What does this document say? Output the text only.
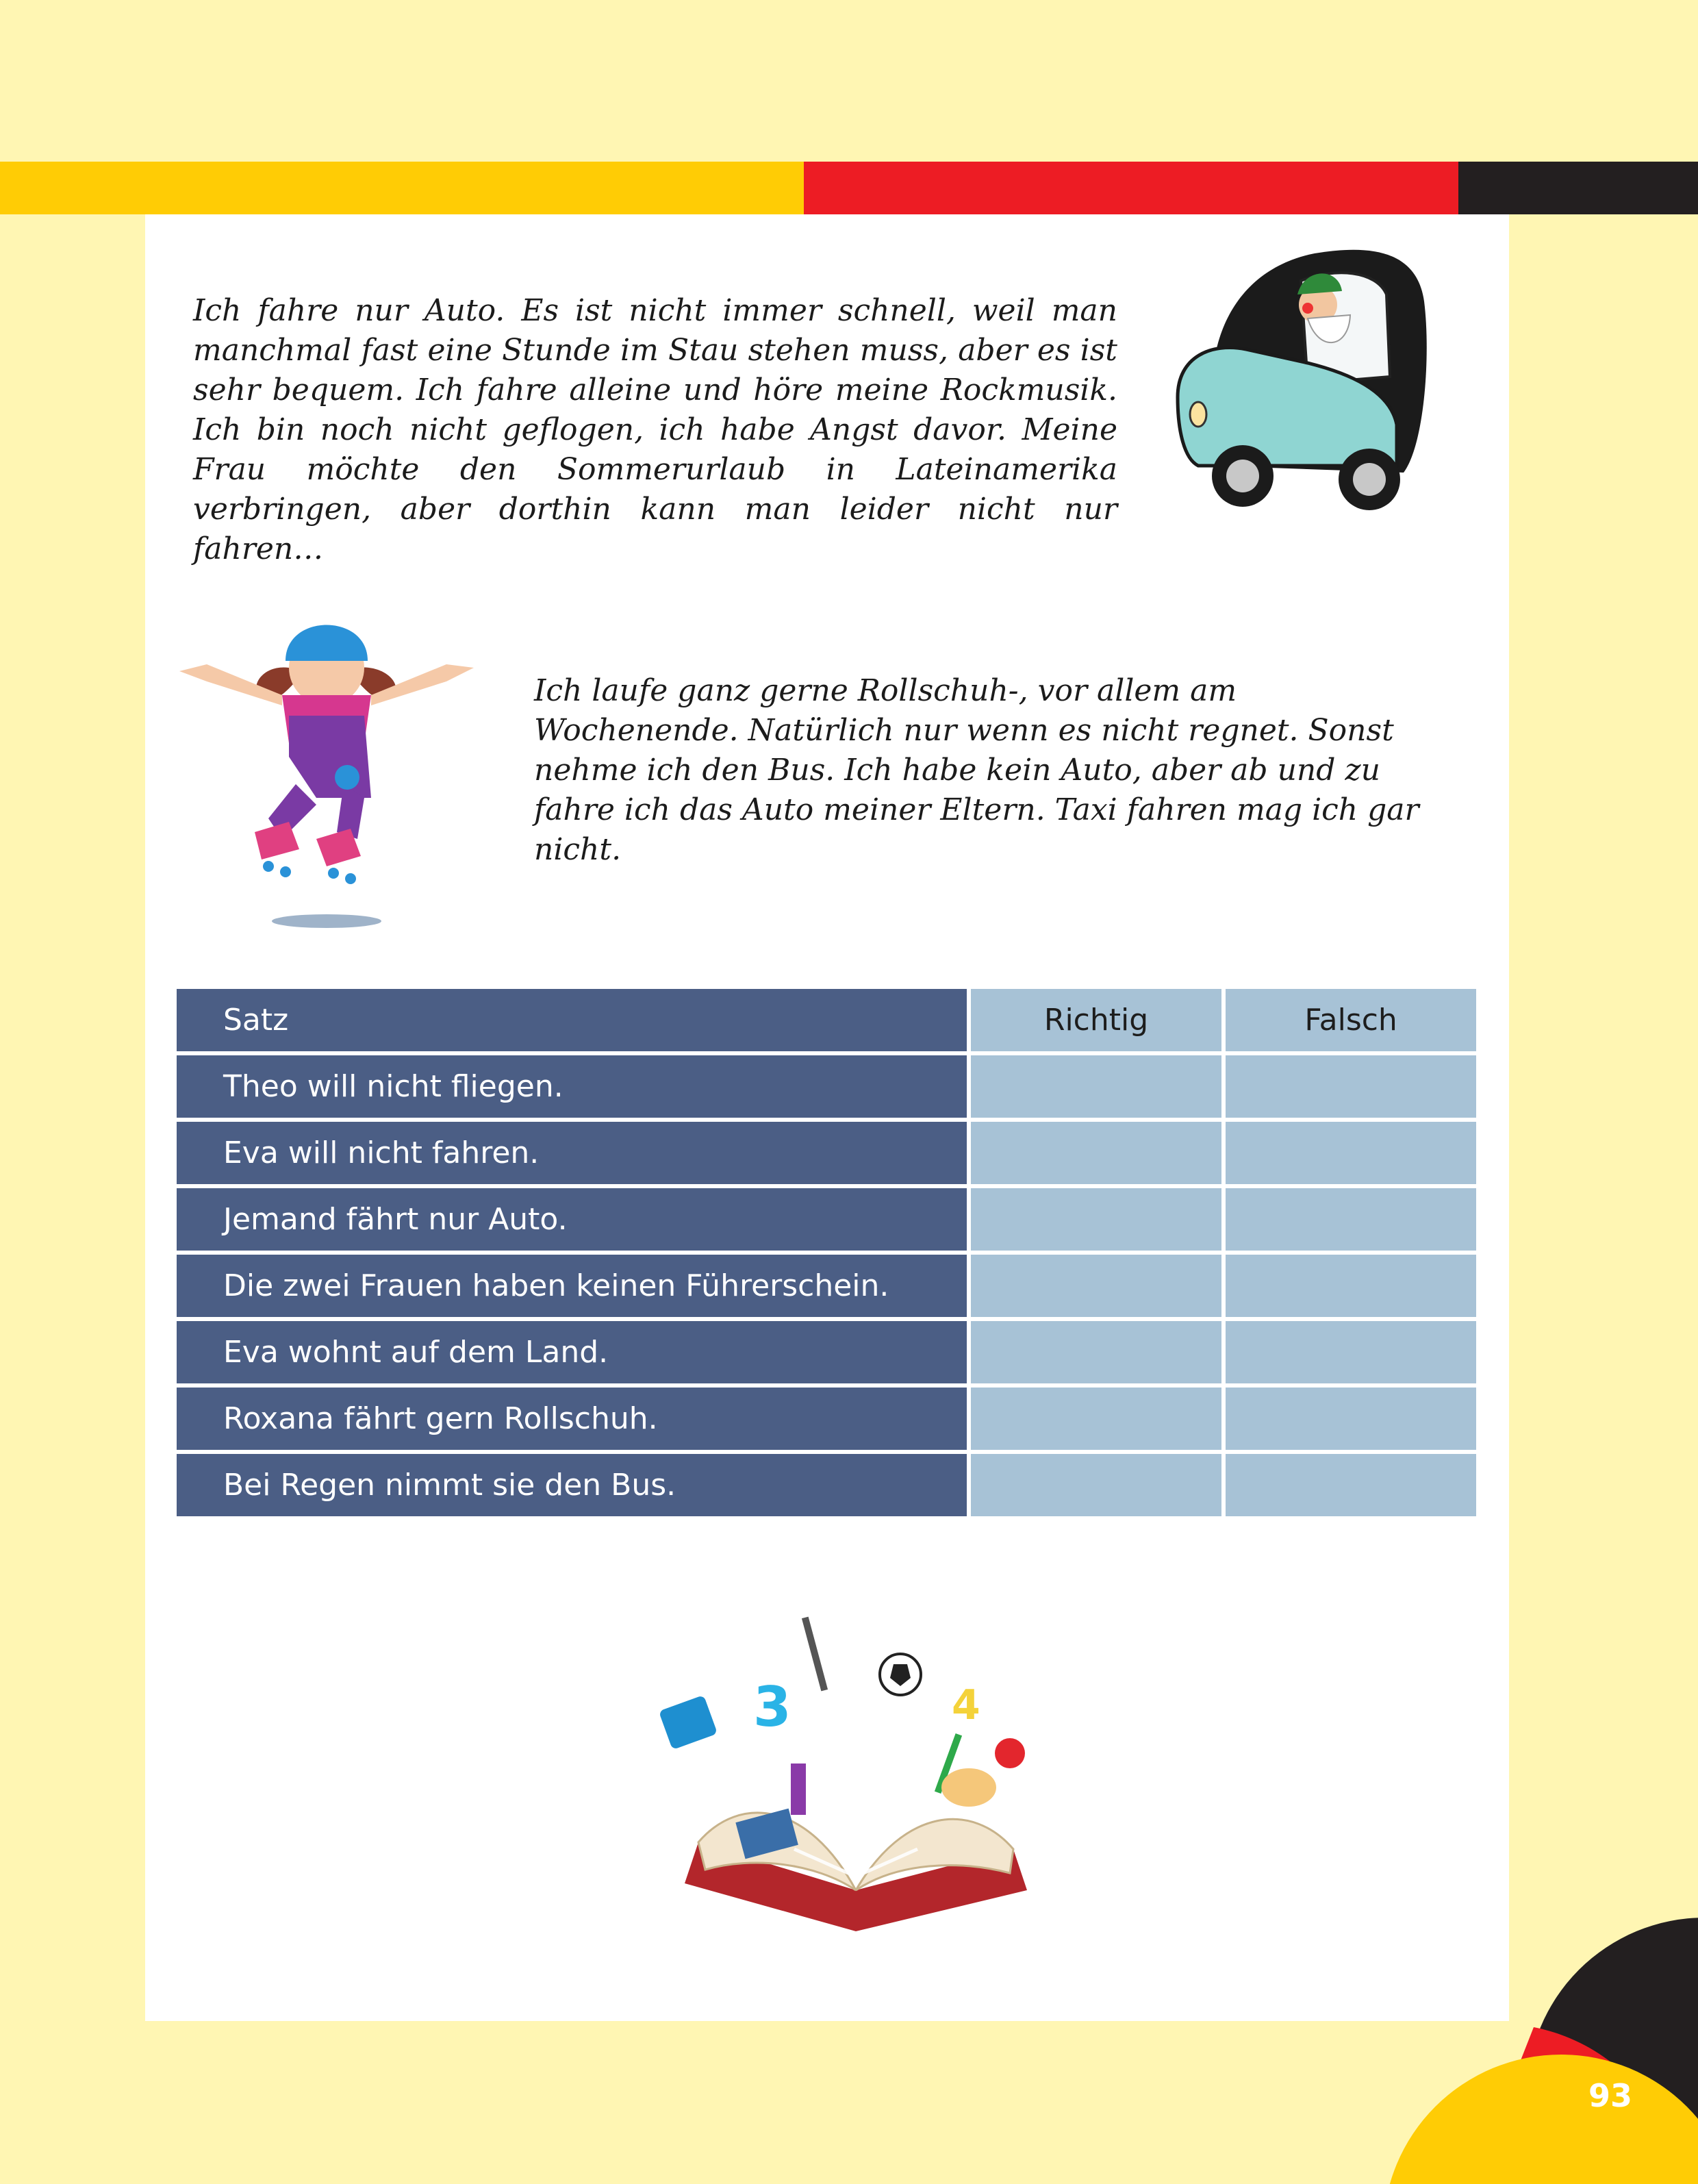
Ich fahre nur Auto. Es ist nicht immer schnell, weil man manchmal fast eine Stunde im Stau stehen muss, aber es ist sehr bequem. Ich fahre alleine und höre meine Rockmusik. Ich bin noch nicht geflogen, ich habe Angst davor. Meine Frau möchte den Sommerurlaub in Lateinamerika verbringen, aber dorthin kann man leider nicht nur fahren…

Ich laufe ganz gerne Rollschuh-, vor allem am Wochenende. Natürlich nur wenn es nicht regnet. Sonst nehme ich den Bus. Ich habe kein Auto, aber ab und zu fahre ich das Auto meiner Eltern. Taxi fahren mag ich gar nicht.

Satz	Richtig	Falsch
Theo will nicht fliegen.		
Eva will nicht fahren.		
Jemand fährt nur Auto.		
Die zwei Frauen haben keinen Führerschein.		
Eva wohnt auf dem Land.		
Roxana fährt gern Rollschuh.		
Bei Regen nimmt sie den Bus.		
3	4
93
